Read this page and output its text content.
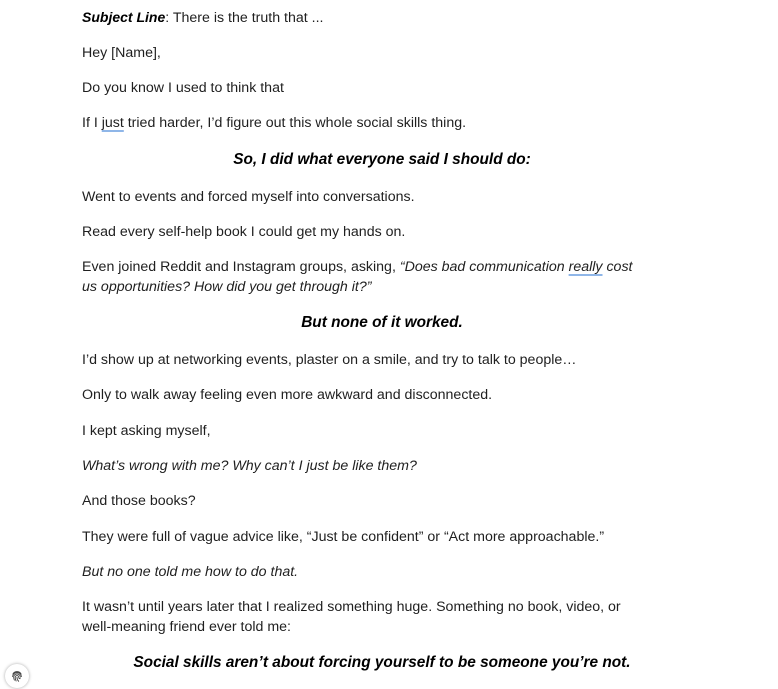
Subject Line: There is the truth that ...
Hey [Name],
Do you know I used to think that
If I just tried harder, I’d figure out this whole social skills thing.
So, I did what everyone said I should do:
Went to events and forced myself into conversations.
Read every self-help book I could get my hands on.
Even joined Reddit and Instagram groups, asking, “Does bad communication really cost us opportunities? How did you get through it?”
But none of it worked.
I’d show up at networking events, plaster on a smile, and try to talk to people…
Only to walk away feeling even more awkward and disconnected.
I kept asking myself,
What’s wrong with me? Why can’t I just be like them?
And those books?
They were full of vague advice like, “Just be confident” or “Act more approachable.”
But no one told me how to do that.
It wasn’t until years later that I realized something huge. Something no book, video, or well-meaning friend ever told me:
Social skills aren’t about forcing yourself to be someone you’re not.
